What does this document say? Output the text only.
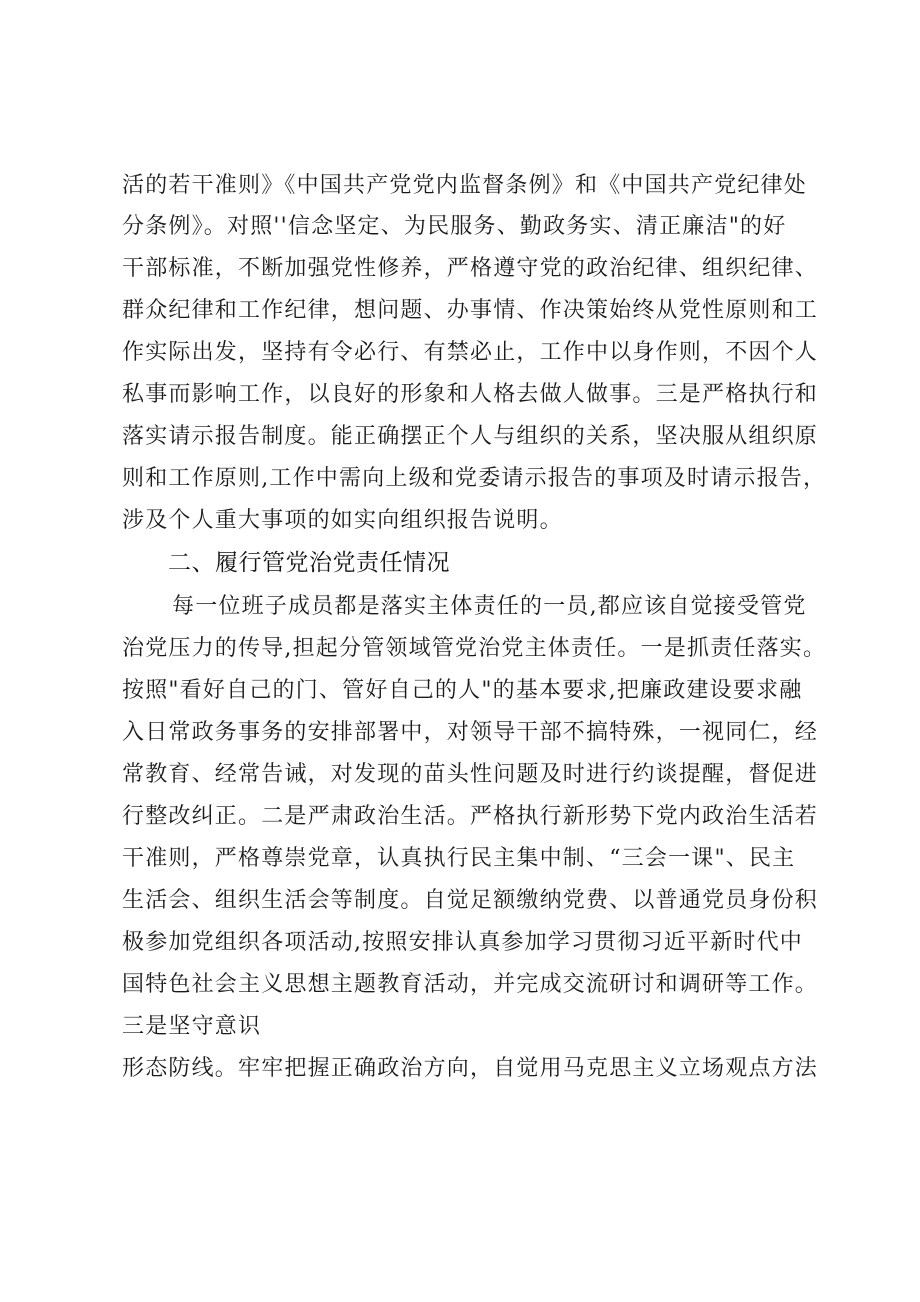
活的若干准则》《中国共产党党内监督条例》和《中国共产党纪律处
分条例》。对照''信念坚定、为民服务、勤政务实、清正廉洁"的好
干部标准，不断加强党性修养，严格遵守党的政治纪律、组织纪律、
群众纪律和工作纪律，想问题、办事情、作决策始终从党性原则和工
作实际出发，坚持有令必行、有禁必止，工作中以身作则，不因个人
私事而影响工作，以良好的形象和人格去做人做事。三是严格执行和
落实请示报告制度。能正确摆正个人与组织的关系，坚决服从组织原
则和工作原则,工作中需向上级和党委请示报告的事项及时请示报告，
涉及个人重大事项的如实向组织报告说明。
二、履行管党治党责任情况
每一位班子成员都是落实主体责任的一员,都应该自觉接受管党
治党压力的传导,担起分管领域管党治党主体责任。一是抓责任落实。
按照"看好自己的门、管好自己的人"的基本要求,把廉政建设要求融
入日常政务事务的安排部署中，对领导干部不搞特殊，一视同仁，经
常教育、经常告诫，对发现的苗头性问题及时进行约谈提醒，督促进
行整改纠正。二是严肃政治生活。严格执行新形势下党内政治生活若
干准则，严格尊崇党章，认真执行民主集中制、“三会一课"、民主
生活会、组织生活会等制度。自觉足额缴纳党费、以普通党员身份积
极参加党组织各项活动,按照安排认真参加学习贯彻习近平新时代中
国特色社会主义思想主题教育活动，并完成交流研讨和调研等工作。
三是坚守意识
形态防线。牢牢把握正确政治方向，自觉用马克思主义立场观点方法
